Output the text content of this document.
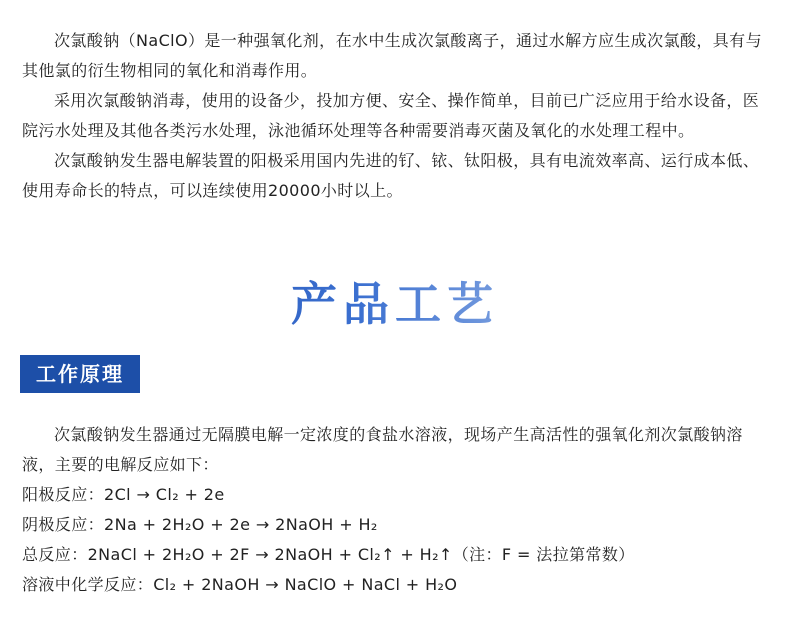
次氯酸钠（NaClO）是一种强氧化剂，在水中生成次氯酸离子，通过水解方应生成次氯酸，具有与其他氯的衍生物相同的氧化和消毒作用。

采用次氯酸钠消毒，使用的设备少，投加方便、安全、操作简单，目前已广泛应用于给水设备，医院污水处理及其他各类污水处理，泳池循环处理等各种需要消毒灭菌及氧化的水处理工程中。

次氯酸钠发生器电解装置的阳极采用国内先进的钌、铱、钛阳极，具有电流效率高、运行成本低、使用寿命长的特点，可以连续使用20000小时以上。

产品工艺
工作原理

次氯酸钠发生器通过无隔膜电解一定浓度的食盐水溶液，现场产生高活性的强氧化剂次氯酸钠溶液，主要的电解反应如下：

阳极反应：2Cl → Cl₂ + 2e

阴极反应：2Na + 2H₂O + 2e → 2NaOH + H₂

总反应：2NaCl + 2H₂O + 2F → 2NaOH + Cl₂↑ + H₂↑（注：F = 法拉第常数）

溶液中化学反应：Cl₂ + 2NaOH → NaClO + NaCl + H₂O
